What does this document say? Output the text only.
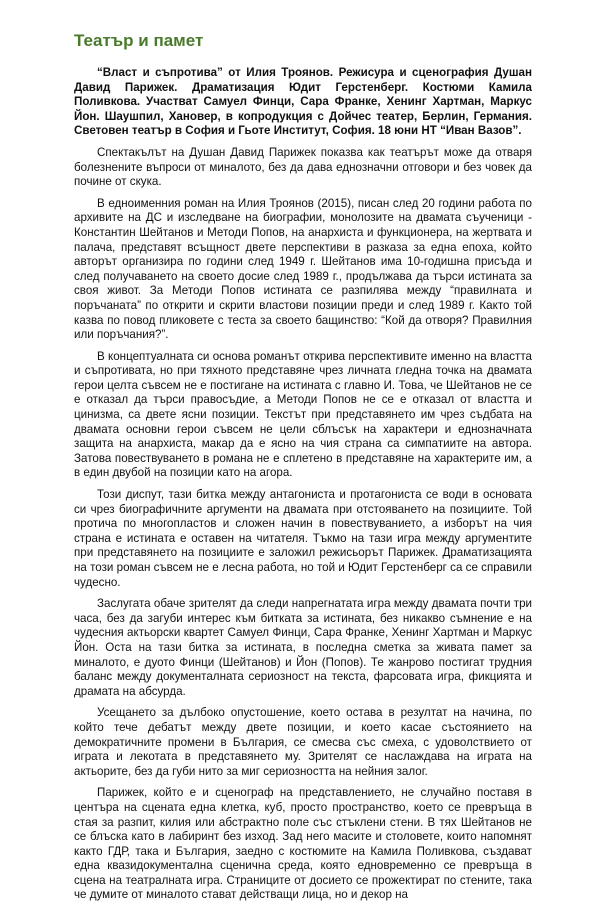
Театър и памет

“Власт и съпротива” от Илия Троянов. Режисура и сценография Душан Давид Парижек. Драматизация Юдит Герстенберг. Костюми Камила Поливкова. Участват Самуел Финци, Сара Франке, Хенинг Хартман, Маркус Йон. Шаушпил, Хановер, в копродукция с Дойчес театер, Берлин, Германия. Световен театър в София и Гьоте Институт, София. 18 юни НТ “Иван Вазов”.

Спектакълът на Душан Давид Парижек показва как театърът може да отваря болезнените въпроси от миналото, без да дава еднозначни отговори и без човек да почине от скука.

В едноименния роман на Илия Троянов (2015), писан след 20 години работа по архивите на ДС и изследване на биографии, монолозите на двамата съученици - Константин Шейтанов и Методи Попов, на анархиста и функционера, на жертвата и палача, представят всъщност двете перспективи в разказа за една епоха, който авторът организира по години след 1949 г. Шейтанов има 10-годишна присъда и след получаването на своето досие след 1989 г., продължава да търси истината за своя живот. За Методи Попов истината се разпилява между “правилната и поръчаната” по открити и скрити властови позиции преди и след 1989 г. Както той казва по повод пликовете с теста за своето бащинство: “Кой да отворя? Правилния или поръчания?”.

В концептуалната си основа романът открива перспективите именно на властта и съпротивата, но при тяхното представяне чрез личната гледна точка на двамата герои целта съвсем не е постигане на истината с главно И. Това, че Шейтанов не се е отказал да търси правосъдие, а Методи Попов не се е отказал от властта и цинизма, са двете ясни позиции. Текстът при представянето им чрез съдбата на двамата основни герои съвсем не цели сблъсък на характери и еднозначната защита на анархиста, макар да е ясно на чия страна са симпатиите на автора. Затова повествуването в романа не е сплетено в представяне на характерите им, а в един двубой на позиции като на агора.

Този диспут, тази битка между антагониста и протагониста се води в основата си чрез биографичните аргументи на двамата при отстояването на позициите. Той протича по многопластов и сложен начин в повествуванието, а изборът на чия страна е истината е оставен на читателя. Тъкмо на тази игра между аргументите при представянето на позициите е заложил режисьорът Парижек. Драматизацията на този роман съвсем не е лесна работа, но той и Юдит Герстенберг са се справили чудесно.

Заслугата обаче зрителят да следи напрегнатата игра между двамата почти три часа, без да загуби интерес към битката за истината, без никакво съмнение е на чудесния актьорски квартет Самуел Финци, Сара Франке, Хенинг Хартман и Маркус Йон. Оста на тази битка за истината, в последна сметка за живата памет за миналото, е дуото Финци (Шейтанов) и Йон (Попов). Те жанрово постигат трудния баланс между документалната сериозност на текста, фарсовата игра, фикцията и драмата на абсурда.

Усещането за дълбоко опустошение, което остава в резултат на начина, по който тече дебатът между двете позиции, и което касае състоянието на демократичните промени в България, се смесва със смеха, с удоволствието от играта и лекотата в представянето му. Зрителят се наслаждава на играта на актьорите, без да губи нито за миг сериозността на нейния залог.

Парижек, който е и сценограф на представлението, не случайно поставя в центъра на сцената една клетка, куб, просто пространство, което се превръща в стая за разпит, килия или абстрактно поле със стъклени стени. В тях Шейтанов не се блъска като в лабиринт без изход. Зад него масите и столовете, които напомнят както ГДР, така и България, заедно с костюмите на Камила Поливкова, създават една квазидокументална сценична среда, която едновременно се превръща в сцена на театралната игра. Страниците от досието се прожектират по стените, така че думите от миналото стават действащи лица, но и декор на
